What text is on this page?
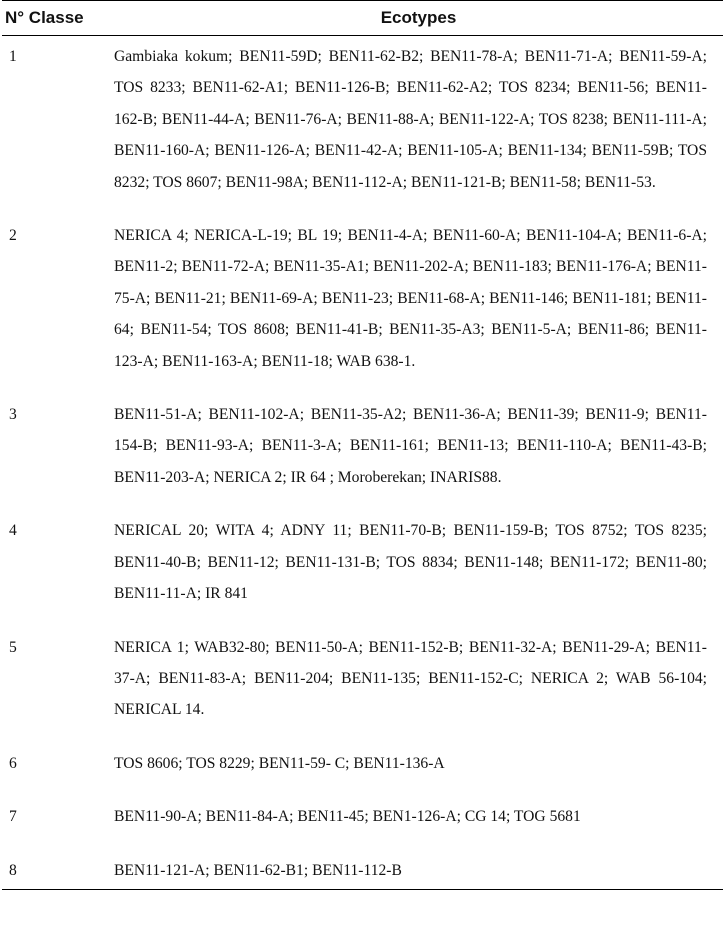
N° Classe	Ecotypes
1	Gambiaka kokum; BEN11-59D; BEN11-62-B2; BEN11-78-A; BEN11-71-A; BEN11-59-A; TOS 8233; BEN11-62-A1; BEN11-126-B; BEN11-62-A2; TOS 8234; BEN11-56; BEN11-162-B; BEN11-44-A; BEN11-76-A; BEN11-88-A; BEN11-122-A; TOS 8238; BEN11-111-A; BEN11-160-A; BEN11-126-A; BEN11-42-A; BEN11-105-A; BEN11-134; BEN11-59B; TOS 8232; TOS 8607; BEN11-98A; BEN11-112-A; BEN11-121-B; BEN11-58; BEN11-53.
2	NERICA 4; NERICA-L-19; BL 19; BEN11-4-A; BEN11-60-A; BEN11-104-A; BEN11-6-A; BEN11-2; BEN11-72-A; BEN11-35-A1; BEN11-202-A; BEN11-183; BEN11-176-A; BEN11-75-A; BEN11-21; BEN11-69-A; BEN11-23; BEN11-68-A; BEN11-146; BEN11-181; BEN11-64; BEN11-54; TOS 8608; BEN11-41-B; BEN11-35-A3; BEN11-5-A; BEN11-86; BEN11-123-A; BEN11-163-A; BEN11-18; WAB 638-1.
3	BEN11-51-A; BEN11-102-A; BEN11-35-A2; BEN11-36-A; BEN11-39; BEN11-9; BEN11-154-B; BEN11-93-A; BEN11-3-A; BEN11-161; BEN11-13; BEN11-110-A; BEN11-43-B; BEN11-203-A; NERICA 2; IR 64 ; Moroberekan; INARIS88.
4	NERICAL 20; WITA 4; ADNY 11; BEN11-70-B; BEN11-159-B; TOS 8752; TOS 8235; BEN11-40-B; BEN11-12; BEN11-131-B; TOS 8834; BEN11-148; BEN11-172; BEN11-80; BEN11-11-A; IR 841
5	NERICA 1; WAB32-80; BEN11-50-A; BEN11-152-B; BEN11-32-A; BEN11-29-A; BEN11-37-A; BEN11-83-A; BEN11-204; BEN11-135; BEN11-152-C; NERICA 2; WAB 56-104; NERICAL 14.
6	TOS 8606; TOS 8229; BEN11-59- C; BEN11-136-A
7	BEN11-90-A; BEN11-84-A; BEN11-45; BEN1-126-A; CG 14; TOG 5681
8	BEN11-121-A; BEN11-62-B1; BEN11-112-B
